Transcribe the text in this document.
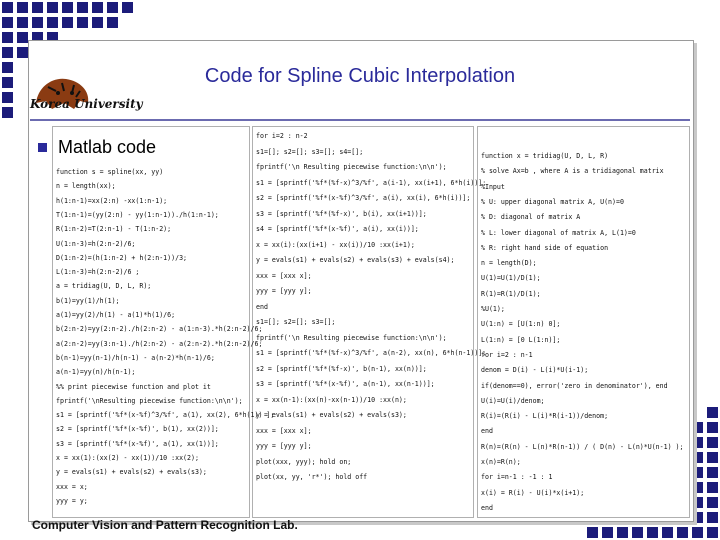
Korea University
Code for Spline Cubic Interpolation
Matlab code
function s = spline(xx, yy)
n = length(xx);
h(1:n-1)=xx(2:n) -xx(1:n-1);
T(1:n-1)=(yy(2:n) - yy(1:n-1))./h(1:n-1);
R(1:n-2)=T(2:n-1) - T(1:n-2);
U(1:n-3)=h(2:n-2)/6;
D(1:n-2)=(h(1:n-2) + h(2:n-1))/3;
L(1:n-3)=h(2:n-2)/6 ;
a = tridiag(U, D, L, R);
b(1)=yy(1)/h(1);
a(1)=yy(2)/h(1) - a(1)*h(1)/6;
b(2:n-2)=yy(2:n-2)./h(2:n-2) - a(1:n-3).*h(2:n-2)/6;
a(2:n-2)=yy(3:n-1)./h(2:n-2) - a(2:n-2).*h(2:n-2)/6;
b(n-1)=yy(n-1)/h(n-1) - a(n-2)*h(n-1)/6;
a(n-1)=yy(n)/h(n-1);
%% print piecewise function and plot it
fprintf('\nResulting piecewise function:\n\n');
s1 = [sprintf('%f*(x-%f)^3/%f', a(1), xx(2), 6*h(1)) ];
s2 = [sprintf('%f*(x-%f)', b(1), xx(2))];
s3 = [sprintf('%f*(x-%f)', a(1), xx(1))];
x = xx(1):(xx(2) - xx(1))/10 :xx(2);
y = evals(s1) + evals(s2) + evals(s3);
xxx = x;
yyy = y;
for i=2 : n-2
s1=[]; s2=[]; s3=[]; s4=[];
fprintf('\n Resulting piecewise function:\n\n');
s1 = [sprintf('%f*(%f-x)^3/%f', a(i-1), xx(i+1), 6*h(i))];
s2 = [sprintf('%f*(x-%f)^3/%f', a(i), xx(i), 6*h(i))];
s3 = [sprintf('%f*(%f-x)', b(i), xx(i+1))];
s4 = [sprintf('%f*(x-%f)', a(i), xx(i))];
x = xx(i):(xx(i+1) - xx(i))/10 :xx(i+1);
y = evals(s1) + evals(s2) + evals(s3) + evals(s4);
xxx = [xxx x];
yyy = [yyy y];
end
s1=[]; s2=[]; s3=[];
fprintf('\n Resulting piecewise function:\n\n');
s1 = [sprintf('%f*(%f-x)^3/%f', a(n-2), xx(n), 6*h(n-1))];
s2 = [sprintf('%f*(%f-x)', b(n-1), xx(n))];
s3 = [sprintf('%f*(x-%f)', a(n-1), xx(n-1))];
x = xx(n-1):(xx(n)-xx(n-1))/10 :xx(n);
y = evals(s1) + evals(s2) + evals(s3);
xxx = [xxx x];
yyy = [yyy y];
plot(xxx, yyy); hold on;
plot(xx, yy, 'r*'); hold off
function x = tridiag(U, D, L, R)
% solve Ax=b , where A is a tridiagonal matrix
%Input
% U: upper diagonal matrix A, U(n)=0
% D: diagonal of matrix A
% L: lower diagonal of matrix A, L(1)=0
% R: right hand side of equation
n = length(D);
U(1)=U(1)/D(1);
R(1)=R(1)/D(1);
%U(1);
U(1:n) = [U(1:n) 0];
L(1:n) = [0 L(1:n)];
for i=2 : n-1
denom = D(i) - L(i)*U(i-1);
if(denom==0), error('zero in denominator'), end
U(i)=U(i)/denom;
R(i)=(R(i) - L(i)*R(i-1))/denom;
end
R(n)=(R(n) - L(n)*R(n-1)) / ( D(n) - L(n)*U(n-1) );
x(n)=R(n);
for i=n-1 : -1 : 1
x(i) = R(i) - U(i)*x(i+1);
end
Computer Vision and Pattern Recognition Lab.
